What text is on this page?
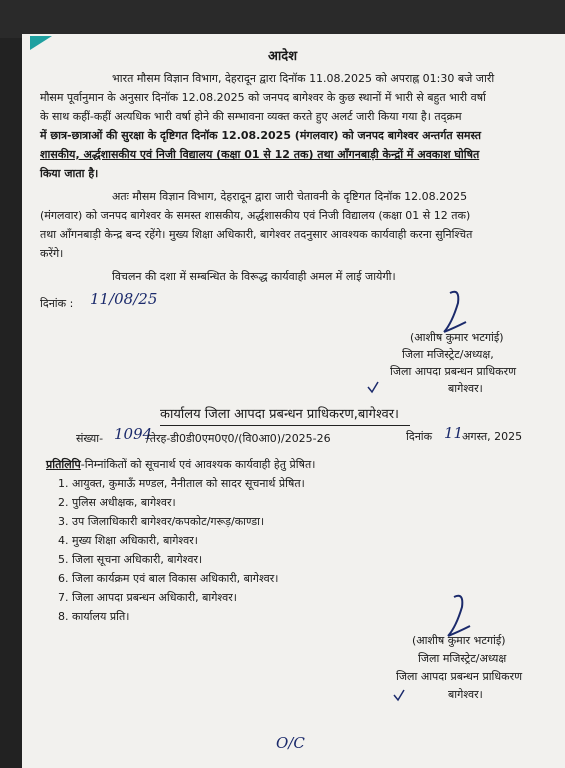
आदेश
भारत मौसम विज्ञान विभाग, देहरादून द्वारा दिनॉक 11.08.2025 को अपराह्न 01:30 बजे जारी
मौसम पूर्वानुमान के अनुसार दिनॉक 12.08.2025 को जनपद बागेश्वर के कुछ स्थानों में भारी से बहुत भारी वर्षा
के साथ कहीं-कहीं अत्यधिक भारी वर्षा होने की सम्भावना व्यक्त करते हुए अलर्ट जारी किया गया है। तद्क्रम
में छात्र-छात्राओं की सुरक्षा के दृष्टिगत दिनॉक 12.08.2025 (मंगलवार) को जनपद बागेश्वर अन्तर्गत समस्त
शासकीय, अर्द्धशासकीय एवं निजी विद्यालय (कक्षा 01 से 12 तक) तथा आँगनबाड़ी केन्द्रों में अवकाश घोषित
किया जाता है।
अतः मौसम विज्ञान विभाग, देहरादून द्वारा जारी चेतावनी के दृष्टिगत दिनॉक 12.08.2025
(मंगलवार) को जनपद बागेश्वर के समस्त शासकीय, अर्द्धशासकीय एवं निजी विद्यालय (कक्षा 01 से 12 तक)
तथा आँगनबाड़ी केन्द्र बन्द रहेंगे। मुख्य शिक्षा अधिकारी, बागेश्वर तदनुसार आवश्यक कार्यवाही करना सुनिश्चित
करेंगे।
विचलन की दशा में सम्बन्धित के विरूद्ध कार्यवाही अमल में लाई जायेगी।
दिनांक : 11/08/25
(आशीष कुमार भटगांई)
जिला मजिस्ट्रेट/अध्यक्ष,
जिला आपदा प्रबन्धन प्राधिकरण
बागेश्वर।
कार्यालय जिला आपदा प्रबन्धन प्राधिकरण,बागेश्वर।
संख्या- 1094
/तेरह-डी0डी0एम0ए0/(वि0आ0)/2025-26	दिनांक 11
अगस्त, 2025
प्रतिलिपि-निम्नांकितों को सूचनार्थ एवं आवश्यक कार्यवाही हेतु प्रेषित।
1. आयुक्त, कुमाऊँ मण्डल, नैनीताल को सादर सूचनार्थ प्रेषित।
2. पुलिस अधीक्षक, बागेश्वर।
3. उप जिलाधिकारी बागेश्वर/कपकोट/गरूड़/काण्डा।
4. मुख्य शिक्षा अधिकारी, बागेश्वर।
5. जिला सूचना अधिकारी, बागेश्वर।
6. जिला कार्यक्रम एवं बाल विकास अधिकारी, बागेश्वर।
7. जिला आपदा प्रबन्धन अधिकारी, बागेश्वर।
8. कार्यालय प्रति।
(आशीष कुमार भटगांई)
जिला मजिस्ट्रेट/अध्यक्ष
जिला आपदा प्रबन्धन प्राधिकरण
बागेश्वर।
O/C
